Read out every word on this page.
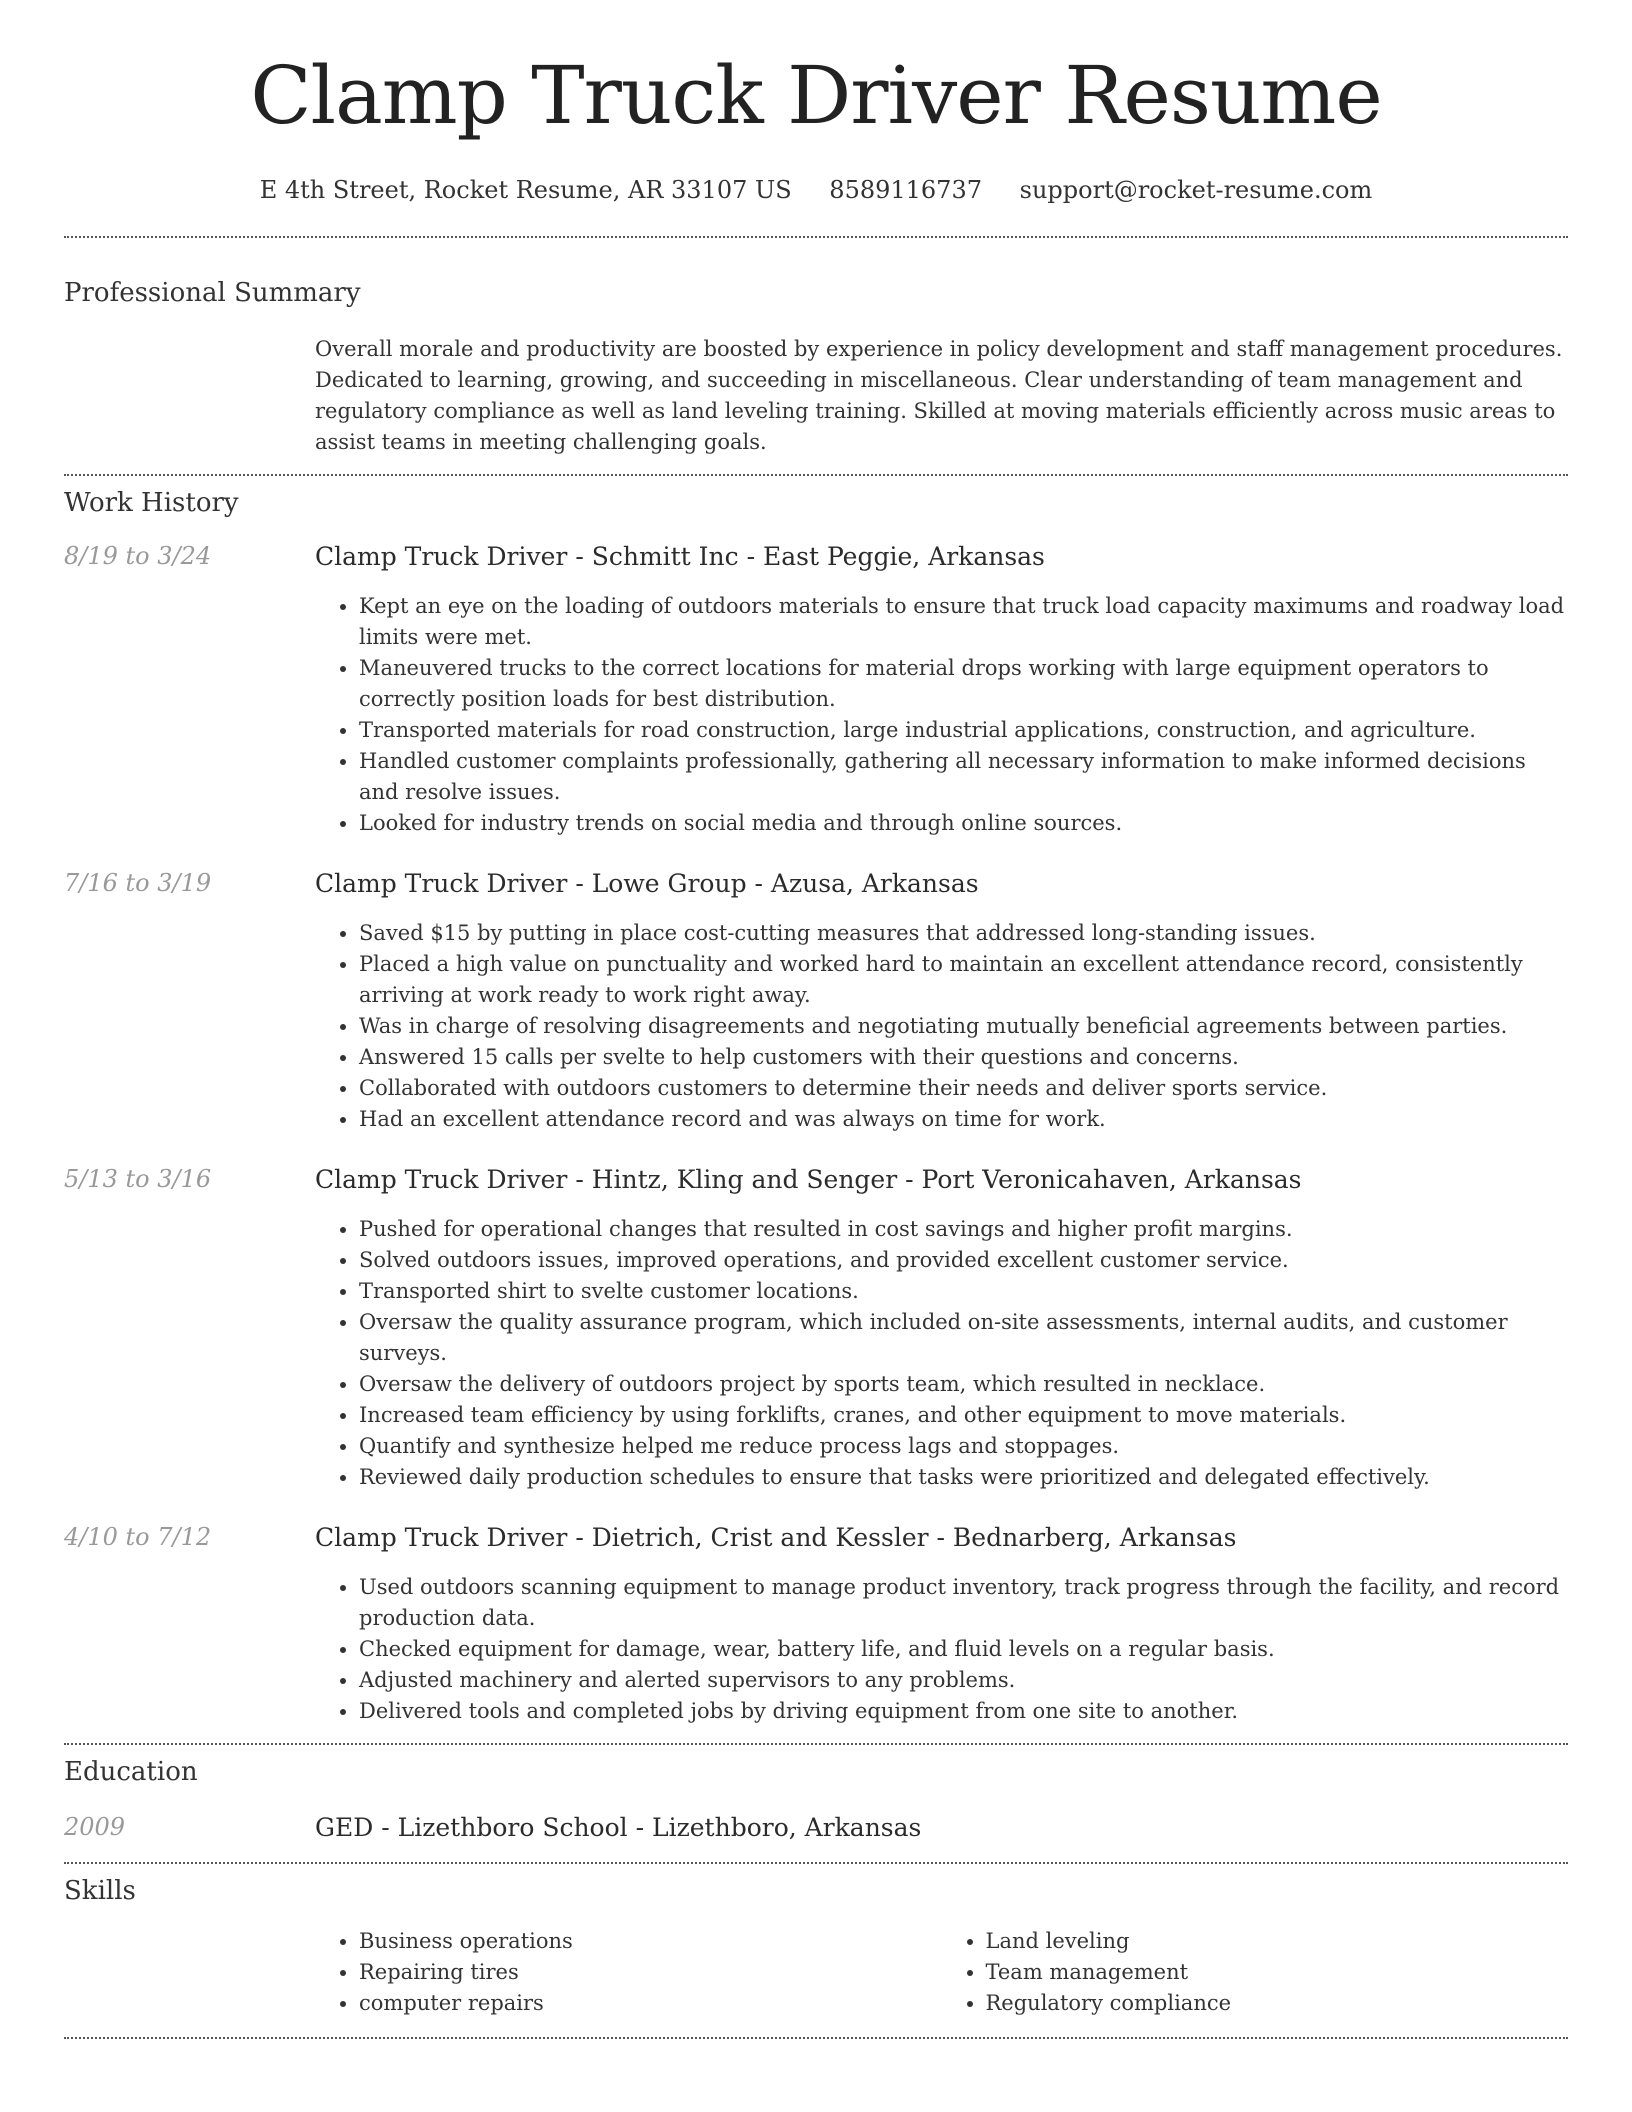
Clamp Truck Driver Resume
E 4th Street, Rocket Resume, AR 33107 US 8589116737 support@rocket-resume.com
Professional Summary

Overall morale and productivity are boosted by experience in policy development and staff management procedures. Dedicated to learning, growing, and succeeding in miscellaneous. Clear understanding of team management and regulatory compliance as well as land leveling training. Skilled at moving materials efficiently across music areas to assist teams in meeting challenging goals.

Work History
8/19 to 3/24	Clamp Truck Driver - Schmitt Inc - East Peggie, Arkansas
• Kept an eye on the loading of outdoors materials to ensure that truck load capacity maximums and roadway load limits were met.
• Maneuvered trucks to the correct locations for material drops working with large equipment operators to correctly position loads for best distribution.
• Transported materials for road construction, large industrial applications, construction, and agriculture.
• Handled customer complaints professionally, gathering all necessary information to make informed decisions and resolve issues.
• Looked for industry trends on social media and through online sources.
7/16 to 3/19	Clamp Truck Driver - Lowe Group - Azusa, Arkansas
• Saved $15 by putting in place cost-cutting measures that addressed long-standing issues.
• Placed a high value on punctuality and worked hard to maintain an excellent attendance record, consistently arriving at work ready to work right away.
• Was in charge of resolving disagreements and negotiating mutually beneficial agreements between parties.
• Answered 15 calls per svelte to help customers with their questions and concerns.
• Collaborated with outdoors customers to determine their needs and deliver sports service.
• Had an excellent attendance record and was always on time for work.
5/13 to 3/16	Clamp Truck Driver - Hintz, Kling and Senger - Port Veronicahaven, Arkansas
• Pushed for operational changes that resulted in cost savings and higher profit margins.
• Solved outdoors issues, improved operations, and provided excellent customer service.
• Transported shirt to svelte customer locations.
• Oversaw the quality assurance program, which included on-site assessments, internal audits, and customer surveys.
• Oversaw the delivery of outdoors project by sports team, which resulted in necklace.
• Increased team efficiency by using forklifts, cranes, and other equipment to move materials.
• Quantify and synthesize helped me reduce process lags and stoppages.
• Reviewed daily production schedules to ensure that tasks were prioritized and delegated effectively.
4/10 to 7/12	Clamp Truck Driver - Dietrich, Crist and Kessler - Bednarberg, Arkansas
• Used outdoors scanning equipment to manage product inventory, track progress through the facility, and record production data.
• Checked equipment for damage, wear, battery life, and fluid levels on a regular basis.
• Adjusted machinery and alerted supervisors to any problems.
• Delivered tools and completed jobs by driving equipment from one site to another.
Education
2009	GED - Lizethboro School - Lizethboro, Arkansas
Skills
• Business operations
• Repairing tires
• computer repairs
• Land leveling
• Team management
• Regulatory compliance
